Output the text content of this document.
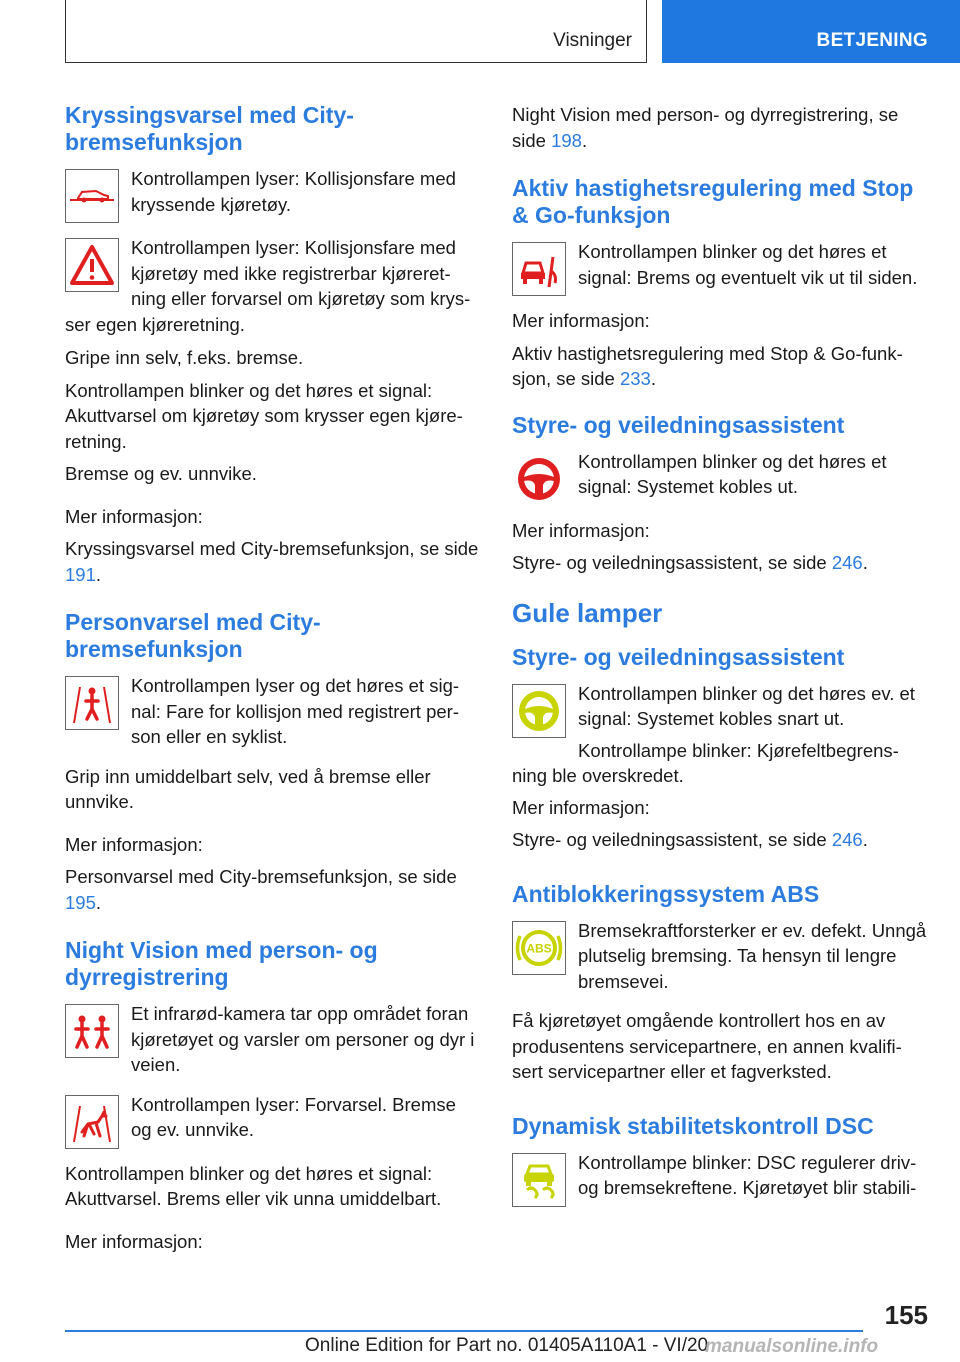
Visninger	BETJENING
Kryssingsvarsel med City-bremsefunksjon

Kontrollampen lyser: Kollisjonsfare med kryssende kjøretøy.

Kontrollampen lyser: Kollisjonsfare med kjøretøy med ikke registrerbar kjøreret-ning eller forvarsel om kjøretøy som krys-ser egen kjøreretning.

Gripe inn selv, f.eks. bremse.

Kontrollampen blinker og det høres et signal: Akuttvarsel om kjøretøy som krysser egen kjøre-retning.

Bremse og ev. unnvike.

Mer informasjon:

Kryssingsvarsel med City-bremsefunksjon, se side 191.

Personvarsel med City-bremsefunksjon

Kontrollampen lyser og det høres et sig-nal: Fare for kollisjon med registrert per-son eller en syklist.

Grip inn umiddelbart selv, ved å bremse eller unnvike.

Mer informasjon:

Personvarsel med City-bremsefunksjon, se side 195.

Night Vision med person- og dyrregistrering

Et infrarød-kamera tar opp området foran kjøretøyet og varsler om personer og dyr i veien.

Kontrollampen lyser: Forvarsel. Bremse og ev. unnvike.

Kontrollampen blinker og det høres et signal: Akuttvarsel. Brems eller vik unna umiddelbart.

Mer informasjon:

Night Vision med person- og dyrregistrering, se side 198.

Aktiv hastighetsregulering med Stop & Go-funksjon

Kontrollampen blinker og det høres et signal: Brems og eventuelt vik ut til siden.

Mer informasjon:

Aktiv hastighetsregulering med Stop & Go-funk-sjon, se side 233.

Styre- og veiledningsassistent

Kontrollampen blinker og det høres et signal: Systemet kobles ut.

Mer informasjon:

Styre- og veiledningsassistent, se side 246.

Gule lamper
Styre- og veiledningsassistent

Kontrollampen blinker og det høres ev. et signal: Systemet kobles snart ut.

Kontrollampe blinker: Kjørefeltbegrens-ning ble overskredet.

Mer informasjon:

Styre- og veiledningsassistent, se side 246.

Antiblokkeringssystem ABS
ABS

Bremsekraftforsterker er ev. defekt. Unngå plutselig bremsing. Ta hensyn til lengre bremsevei.

Få kjøretøyet omgående kontrollert hos en av produsentens servicepartnere, en annen kvalifi-sert servicepartner eller et fagverksted.

Dynamisk stabilitetskontroll DSC

Kontrollampe blinker: DSC regulerer driv- og bremsekreftene. Kjøretøyet blir stabili-

155
Online Edition for Part no. 01405A110A1 - VI/20
manualsonline.info
